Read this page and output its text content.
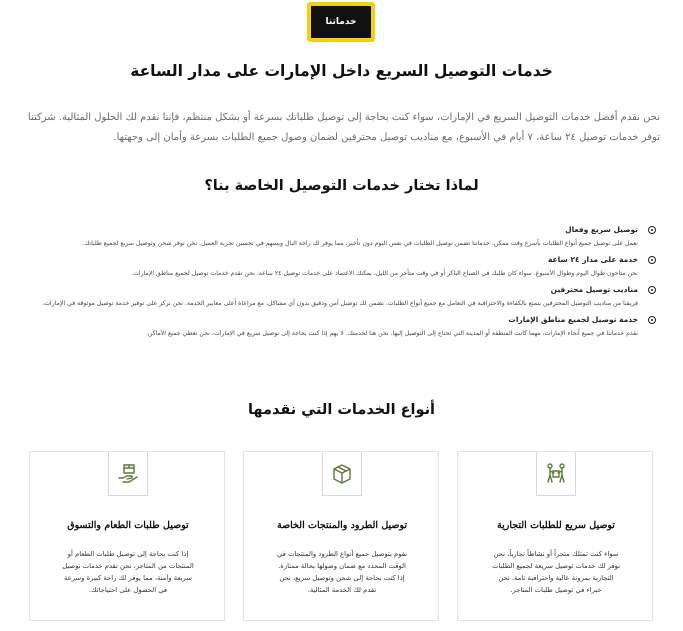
خدماتنا
خدمات التوصيل السريع داخل الإمارات على مدار الساعة

نحن نقدم أفضل خدمات التوصيل السريع في الإمارات، سواء كنت بحاجة إلى توصيل طلباتك بسرعة أو بشكل منتظم، فإننا نقدم لك الحلول المثالية. شركتنا توفر خدمات توصيل ٢٤ ساعة، ٧ أيام في الأسبوع، مع مناديب توصيل محترفين لضمان وصول جميع الطلبات بسرعة وأمان إلى وجهتها.

لماذا تختار خدمات التوصيل الخاصة بنا؟
توصيل سريع وفعال
نعمل على توصيل جميع أنواع الطلبات بأسرع وقت ممكن. خدماتنا تضمن توصيل الطلبات في نفس اليوم دون تأخير، مما يوفر لك راحة البال ويسهم في تحسين تجربة العميل. نحن نوفر شحن وتوصيل سريع لجميع طلباتك.
خدمة على مدار ٢٤ ساعة
نحن متاحون طوال اليوم وطوال الأسبوع. سواء كان طلبك في الصباح الباكر أو في وقت متأخر من الليل، يمكنك الاعتماد على خدمات توصيل ٢٤ ساعة. نحن نقدم خدمات توصيل لجميع مناطق الإمارات.
مناديب توصيل محترفين
فريقنا من مناديب التوصيل المحترفين يتمتع بالكفاءة والاحترافية في التعامل مع جميع أنواع الطلبات. نضمن لك توصيل آمن ودقيق بدون أي مشاكل، مع مراعاة أعلى معايير الخدمة. نحن نركز على توفير خدمة توصيل موثوقة في الإمارات.
خدمة توصيل لجميع مناطق الإمارات
نقدم خدماتنا في جميع أنحاء الإمارات، مهما كانت المنطقة أو المدينة التي تحتاج إلى التوصيل إليها. نحن هنا لخدمتك. لا يهم إذا كنت بحاجة إلى توصيل سريع في الإمارات، نحن نغطي جميع الأماكن.
أنواع الخدمات التي نقدمها
توصيل سريع للطلبات التجارية
سواء كنت تمتلك متجراً أو نشاطاً تجارياً، نحن نوفر لك خدمات توصيل سريعة لجميع الطلبات التجارية بمرونة عالية واحترافية تامة. نحن خبراء في توصيل طلبات المتاجر.
توصيل الطرود والمنتجات الخاصة
نقوم بتوصيل جميع أنواع الطرود والمنتجات في الوقت المحدد مع ضمان وصولها بحالة ممتازة. إذا كنت بحاجة إلى شحن وتوصيل سريع، نحن نقدم لك الخدمة المثالية.
توصيل طلبات الطعام والتسوق
إذا كنت بحاجة إلى توصيل طلبات الطعام أو المنتجات من المتاجر، نحن نقدم خدمات توصيل سريعة وآمنة، مما يوفر لك راحة كبيرة وسرعة في الحصول على احتياجاتك.
